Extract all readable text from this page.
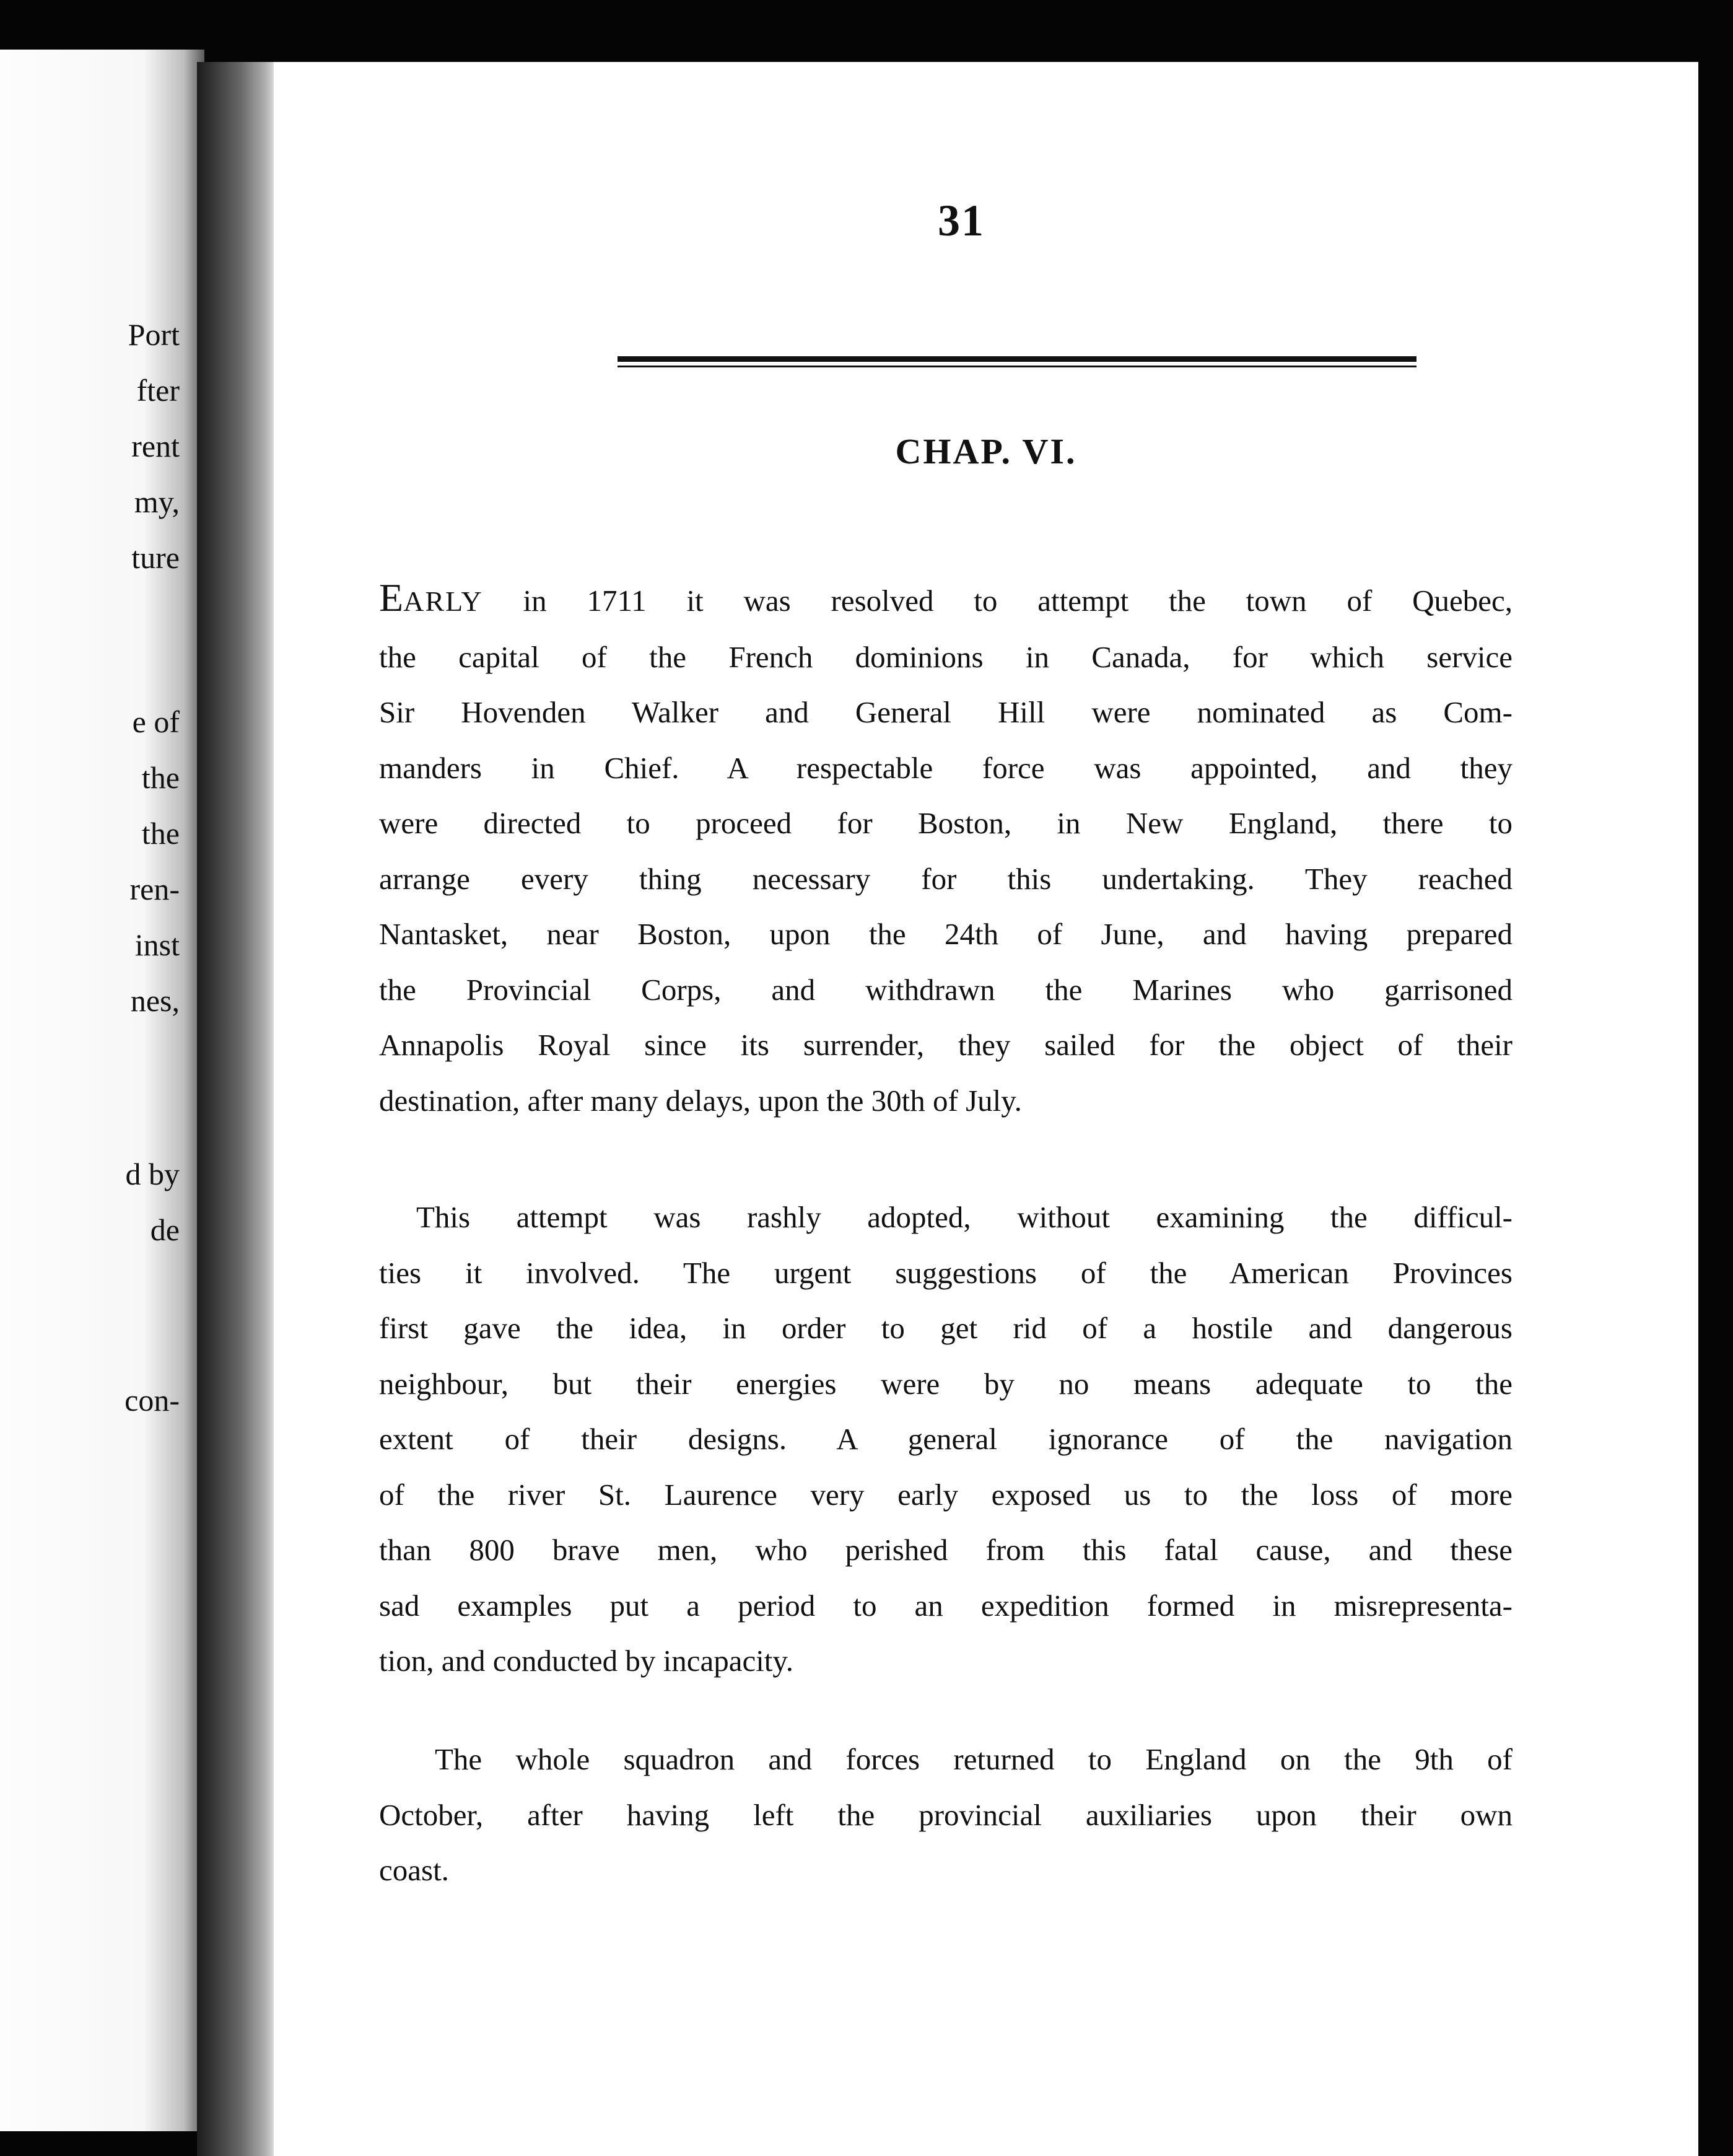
Port
fter
rent
my,
ture
e of
the
the
ren-
inst
nes,
d by
de
con-
31
CHAP. VI.
EARLY in 1711 it was resolved to attempt the town of Quebec,
the capital of the French dominions in Canada, for which service
Sir Hovenden Walker and General Hill were nominated as Com-
manders in Chief. A respectable force was appointed, and they
were directed to proceed for Boston, in New England, there to
arrange every thing necessary for this undertaking. They reached
Nantasket, near Boston, upon the 24th of June, and having prepared
the Provincial Corps, and withdrawn the Marines who garrisoned
Annapolis Royal since its surrender, they sailed for the object of their
destination, after many delays, upon the 30th of July.
This attempt was rashly adopted, without examining the difficul-
ties it involved. The urgent suggestions of the American Provinces
first gave the idea, in order to get rid of a hostile and dangerous
neighbour, but their energies were by no means adequate to the
extent of their designs. A general ignorance of the navigation
of the river St. Laurence very early exposed us to the loss of more
than 800 brave men, who perished from this fatal cause, and these
sad examples put a period to an expedition formed in misrepresenta-
tion, and conducted by incapacity.
The whole squadron and forces returned to England on the 9th of
October, after having left the provincial auxiliaries upon their own
coast.
